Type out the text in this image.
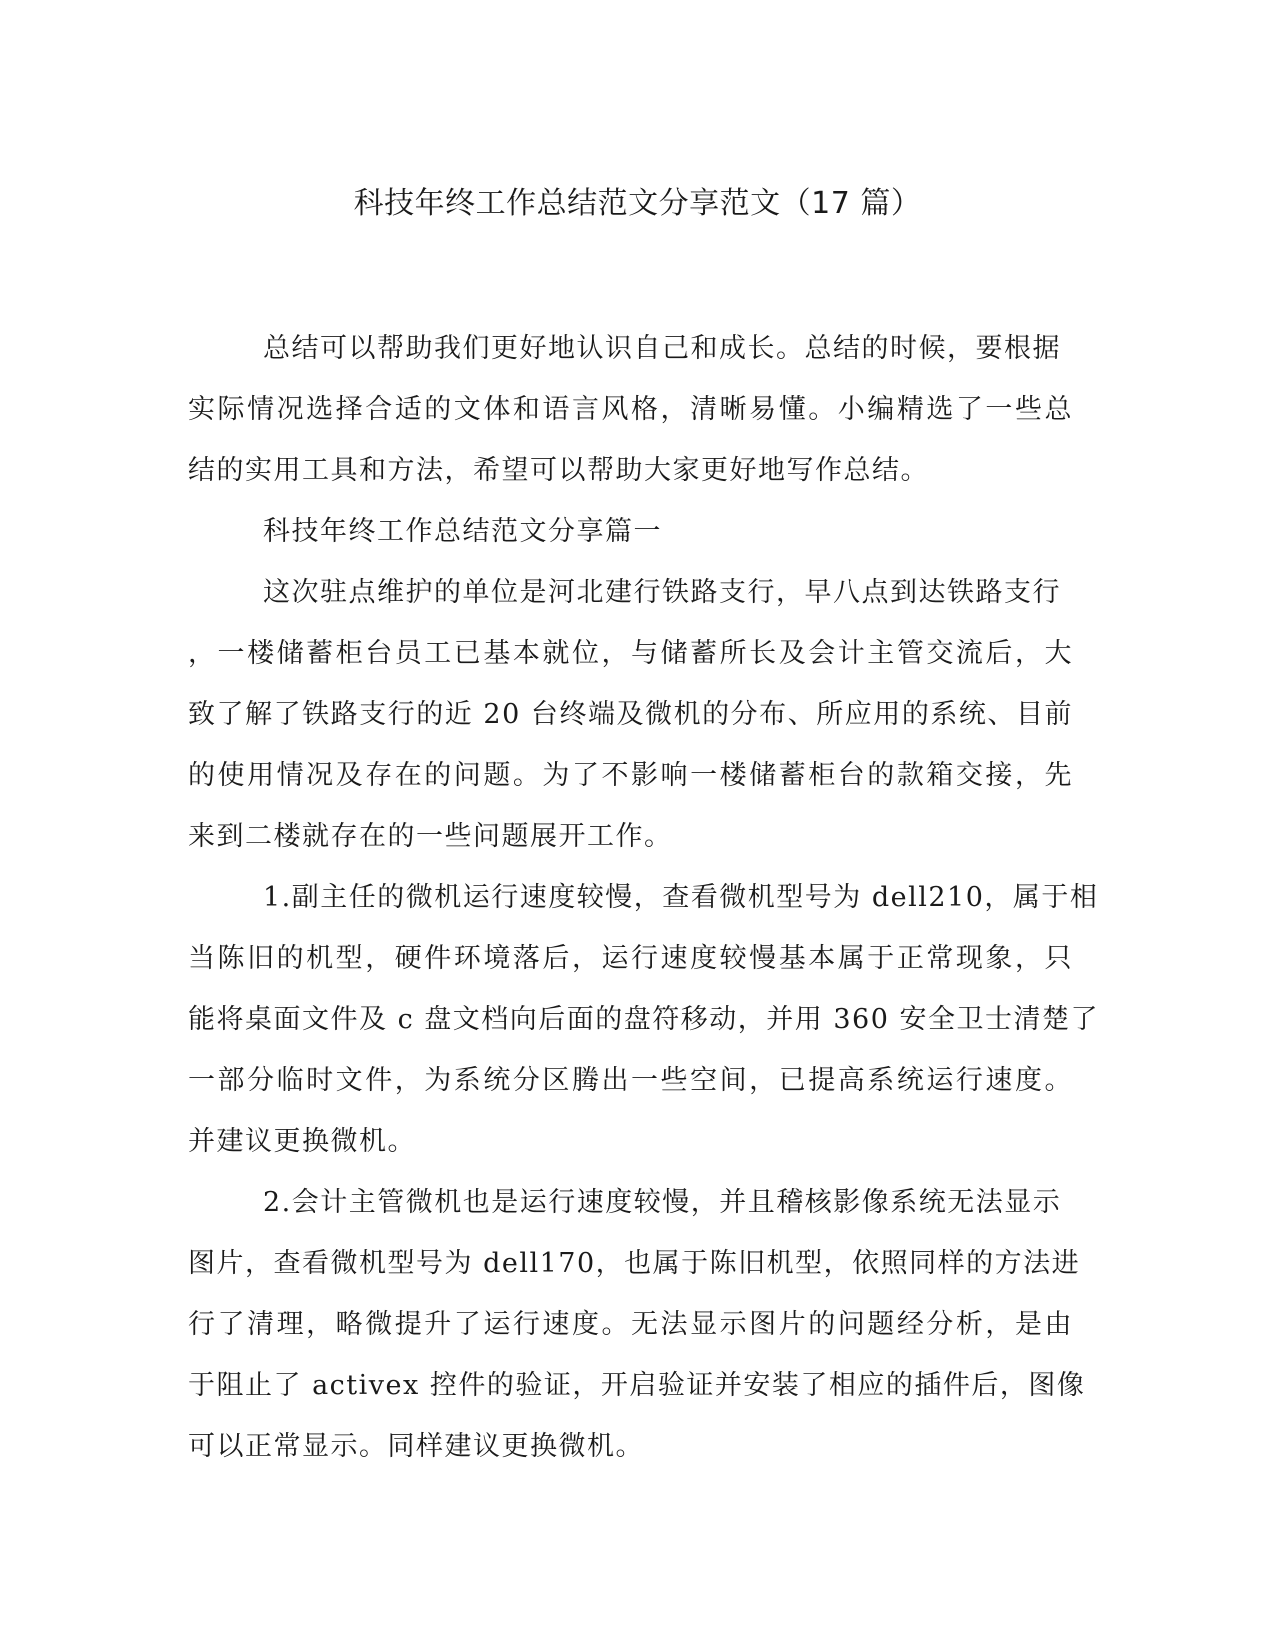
科技年终工作总结范文分享范文（17 篇）

总结可以帮助我们更好地认识自己和成长。总结的时候，要根据

实际情况选择合适的文体和语言风格，清晰易懂。小编精选了一些总

结的实用工具和方法，希望可以帮助大家更好地写作总结。

科技年终工作总结范文分享篇一

这次驻点维护的单位是河北建行铁路支行，早八点到达铁路支行

，一楼储蓄柜台员工已基本就位，与储蓄所长及会计主管交流后，大

致了解了铁路支行的近 20 台终端及微机的分布、所应用的系统、目前

的使用情况及存在的问题。为了不影响一楼储蓄柜台的款箱交接，先

来到二楼就存在的一些问题展开工作。

1.副主任的微机运行速度较慢，查看微机型号为 dell210，属于相

当陈旧的机型，硬件环境落后，运行速度较慢基本属于正常现象，只

能将桌面文件及 c 盘文档向后面的盘符移动，并用 360 安全卫士清楚了

一部分临时文件，为系统分区腾出一些空间，已提高系统运行速度。

并建议更换微机。

2.会计主管微机也是运行速度较慢，并且稽核影像系统无法显示

图片，查看微机型号为 dell170，也属于陈旧机型，依照同样的方法进

行了清理，略微提升了运行速度。无法显示图片的问题经分析，是由

于阻止了 activex 控件的验证，开启验证并安装了相应的插件后，图像

可以正常显示。同样建议更换微机。
